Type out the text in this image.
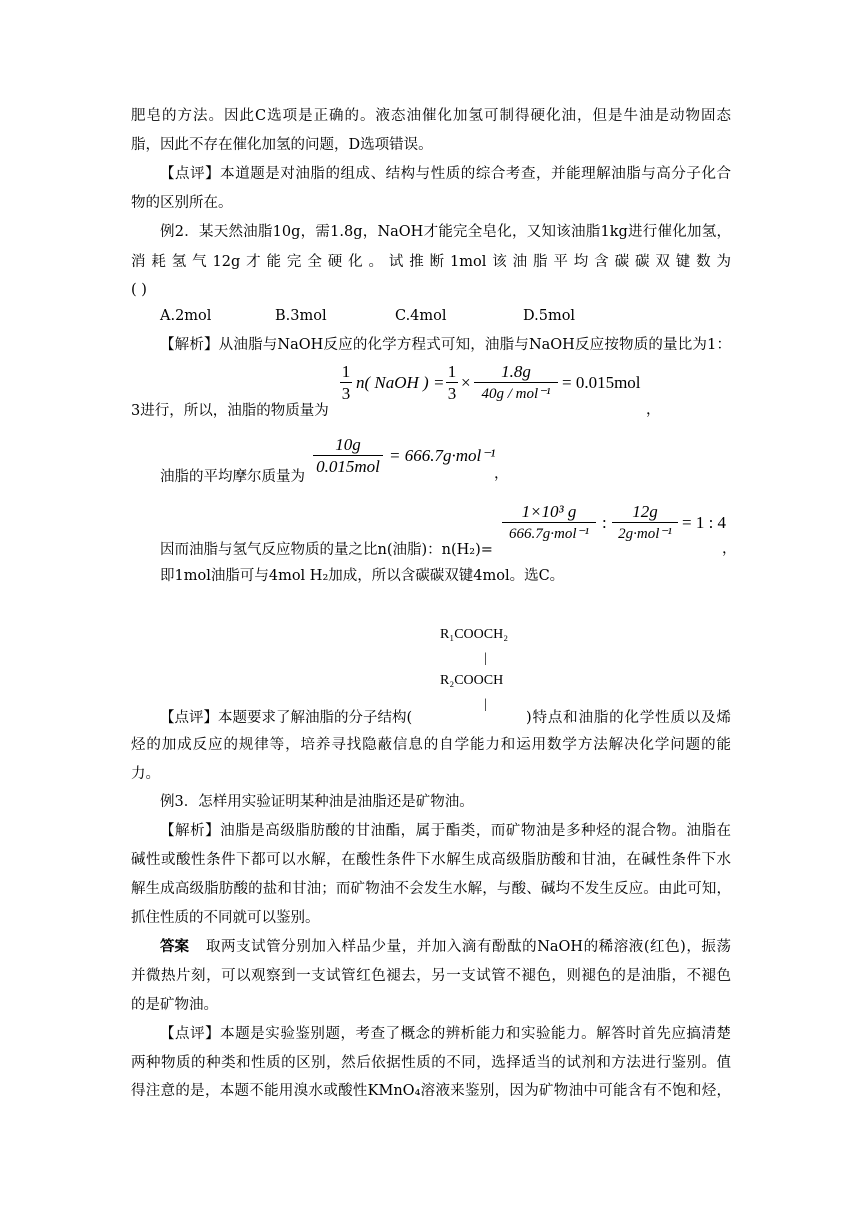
肥皂的方法。因此C选项是正确的。液态油催化加氢可制得硬化油，但是牛油是动物固态
脂，因此不存在催化加氢的问题，D选项错误。
【点评】本道题是对油脂的组成、结构与性质的综合考查，并能理解油脂与高分子化合
物的区别所在。
例2．某天然油脂10g，需1.8g，NaOH才能完全皂化，又知该油脂1kg进行催化加氢，
消耗氢气12g才能完全硬化。试推断1mol该油脂平均含碳碳双键数为
( )
A.2mol	B.3mol	C.4mol	D.5mol
【解析】从油脂与NaOH反应的化学方程式可知，油脂与NaOH反应按物质的量比为1：
3进行，所以，油脂的物质量为
1
3
n( NaOH ) =
1
3
×
1.8g
40g / mol⁻¹
= 0.015mol
，
油脂的平均摩尔质量为
10g
0.015mol
= 666.7g·mol⁻¹
，
因而油脂与氢气反应物质的量之比n(油脂)：n(H₂)=
1×10³ g
666.7g·mol⁻¹
:
12g
2g·mol⁻¹
= 1 : 4
，
即1mol油脂可与4mol H₂加成，所以含碳碳双键4mol。选C。
R₁COOCH₂
|
R₂COOCH
|
【点评】本题要求了解油脂的分子结构(	)特点和油脂的化学性质以及烯
烃的加成反应的规律等，培养寻找隐蔽信息的自学能力和运用数学方法解决化学问题的能
力。
例3．怎样用实验证明某种油是油脂还是矿物油。
【解析】油脂是高级脂肪酸的甘油酯，属于酯类，而矿物油是多种烃的混合物。油脂在
碱性或酸性条件下都可以水解，在酸性条件下水解生成高级脂肪酸和甘油，在碱性条件下水
解生成高级脂肪酸的盐和甘油；而矿物油不会发生水解，与酸、碱均不发生反应。由此可知，
抓住性质的不同就可以鉴别。
答案 取两支试管分别加入样品少量，并加入滴有酚酞的NaOH的稀溶液(红色)，振荡
并微热片刻，可以观察到一支试管红色褪去，另一支试管不褪色，则褪色的是油脂，不褪色
的是矿物油。
【点评】本题是实验鉴别题，考查了概念的辨析能力和实验能力。解答时首先应搞清楚
两种物质的种类和性质的区别，然后依据性质的不同，选择适当的试剂和方法进行鉴别。值
得注意的是，本题不能用溴水或酸性KMnO₄溶液来鉴别，因为矿物油中可能含有不饱和烃，
